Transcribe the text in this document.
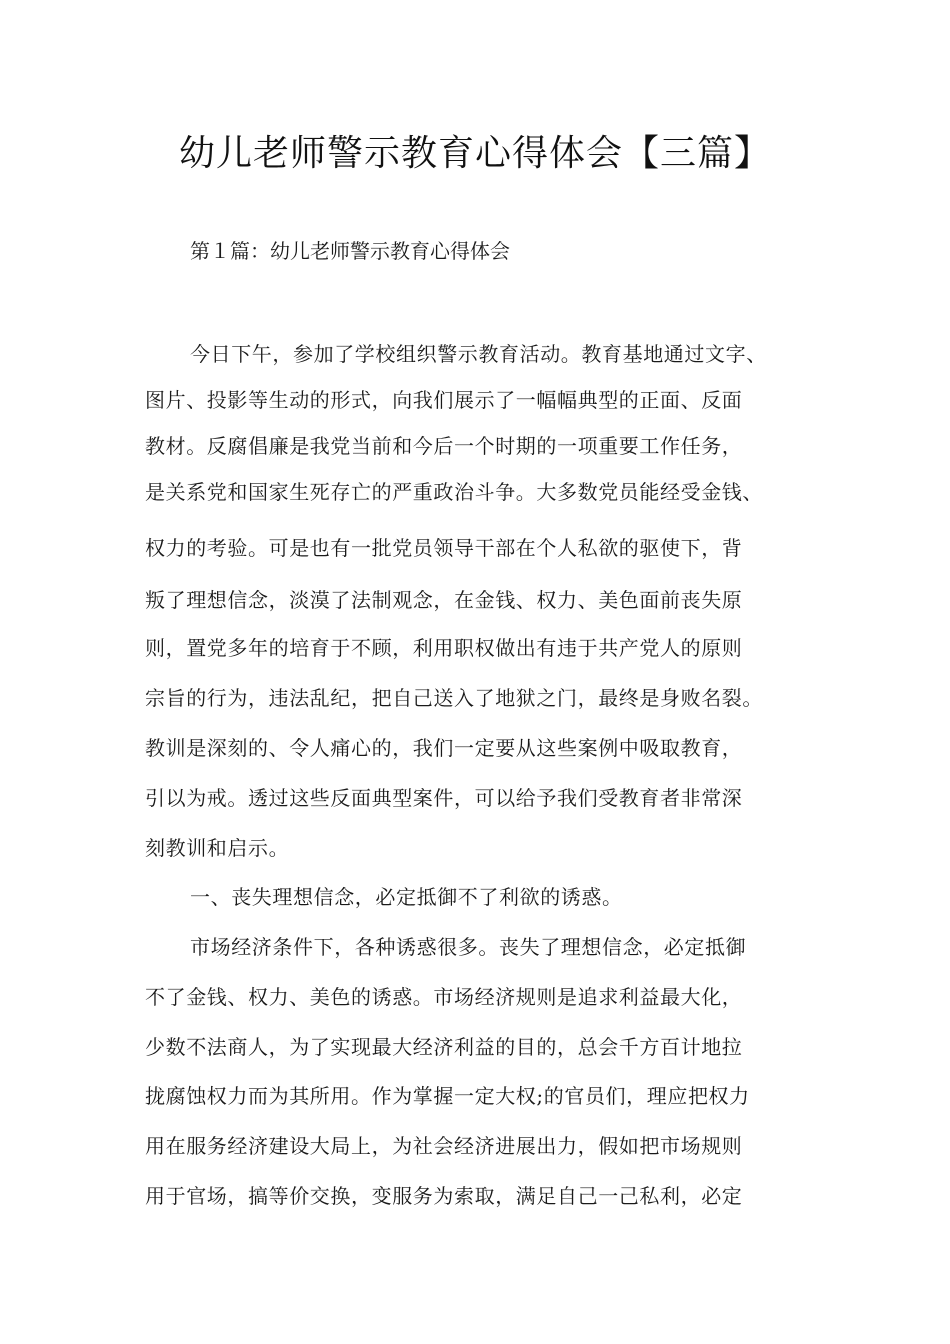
幼儿老师警示教育心得体会【三篇】

第１篇：幼儿老师警示教育心得体会

今日下午，参加了学校组织警示教育活动。教育基地通过文字、

图片、投影等生动的形式，向我们展示了一幅幅典型的正面、反面

教材。反腐倡廉是我党当前和今后一个时期的一项重要工作任务，

是关系党和国家生死存亡的严重政治斗争。大多数党员能经受金钱、

权力的考验。可是也有一批党员领导干部在个人私欲的驱使下，背

叛了理想信念，淡漠了法制观念，在金钱、权力、美色面前丧失原

则，置党多年的培育于不顾，利用职权做出有违于共产党人的原则

宗旨的行为，违法乱纪，把自己送入了地狱之门，最终是身败名裂。

教训是深刻的、令人痛心的，我们一定要从这些案例中吸取教育，

引以为戒。透过这些反面典型案件，可以给予我们受教育者非常深

刻教训和启示。

一、丧失理想信念，必定抵御不了利欲的诱惑。

市场经济条件下，各种诱惑很多。丧失了理想信念，必定抵御

不了金钱、权力、美色的诱惑。市场经济规则是追求利益最大化，

少数不法商人，为了实现最大经济利益的目的，总会千方百计地拉

拢腐蚀权力而为其所用。作为掌握一定大权;的官员们，理应把权力

用在服务经济建设大局上，为社会经济进展出力，假如把市场规则

用于官场，搞等价交换，变服务为索取，满足自己一己私利，必定
